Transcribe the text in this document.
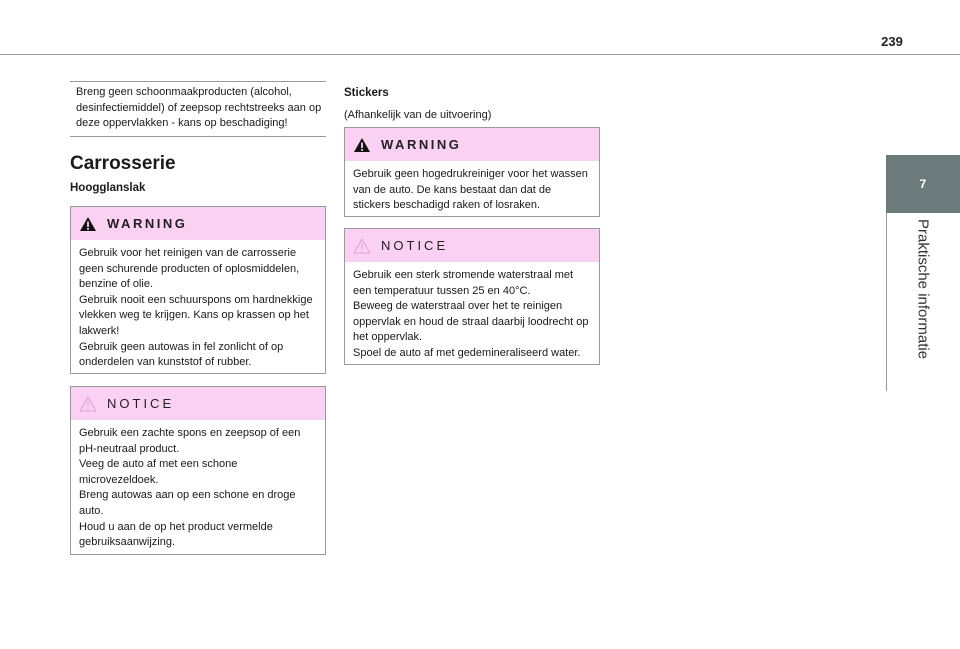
239
7
Praktische informatie
Breng geen schoonmaakproducten (alcohol, desinfectiemiddel) of zeepsop rechtstreeks aan op deze oppervlakken - kans op beschadiging!
Carrosserie
Hoogglanslak
WARNING

Gebruik voor het reinigen van de carrosserie geen schurende producten of oplosmiddelen, benzine of olie.

Gebruik nooit een schuurspons om hardnekkige vlekken weg te krijgen. Kans op krassen op het lakwerk!

Gebruik geen autowas in fel zonlicht of op onderdelen van kunststof of rubber.

NOTICE

Gebruik een zachte spons en zeepsop of een pH-neutraal product.

Veeg de auto af met een schone microvezeldoek.

Breng autowas aan op een schone en droge auto.

Houd u aan de op het product vermelde gebruiksaanwijzing.

Stickers
(Afhankelijk van de uitvoering)
WARNING

Gebruik geen hogedrukreiniger voor het wassen van de auto. De kans bestaat dan dat de stickers beschadigd raken of losraken.

NOTICE

Gebruik een sterk stromende waterstraal met een temperatuur tussen 25 en 40°C.

Beweeg de waterstraal over het te reinigen oppervlak en houd de straal daarbij loodrecht op het oppervlak.

Spoel de auto af met gedemineraliseerd water.
